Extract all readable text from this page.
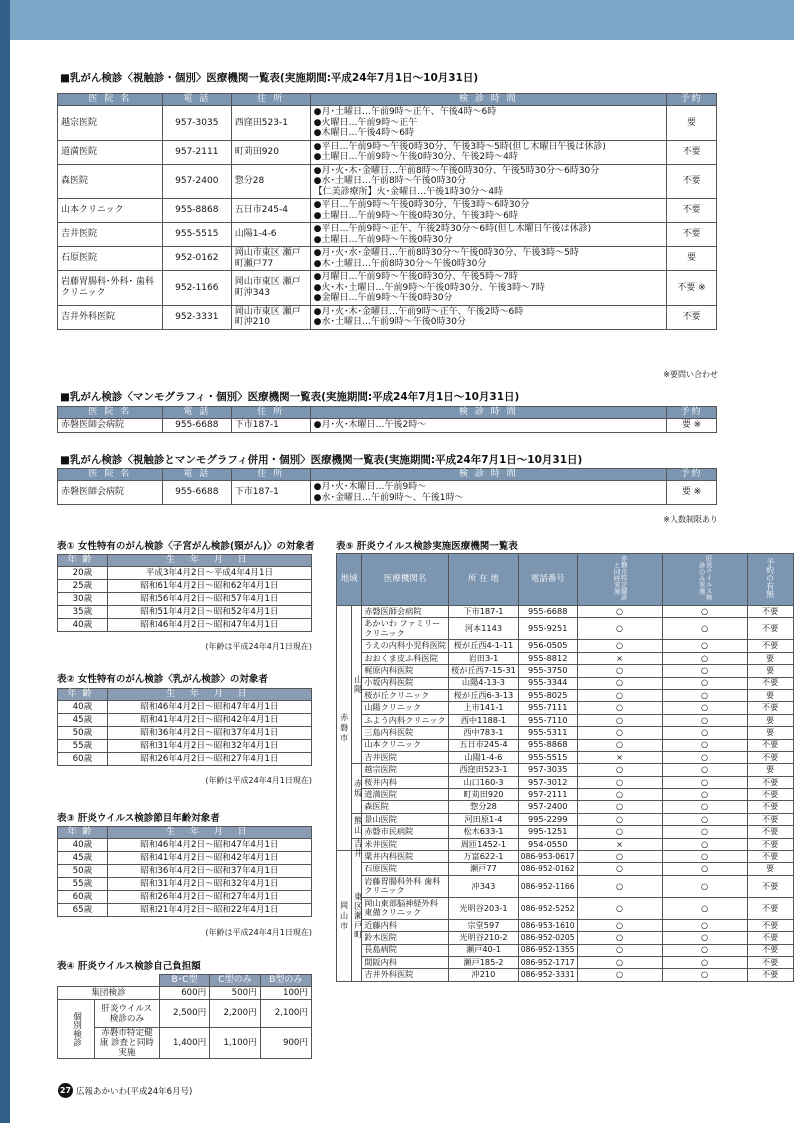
■乳がん検診〈視触診・個別〉医療機関一覧表(実施期間:平成24年7月1日〜10月31日)
医 院 名	電 話	住 所	検 診 時 間	予約
越宗医院	957-3035	西窪田523-1	●月･土曜日…午前9時〜正午、午後4時〜6時
●火曜日…午前9時〜正午
●木曜日…午後4時〜6時	要
道満医院	957-2111	町苅田920	●平日…午前9時〜午後0時30分、午後3時〜5時(但し木曜日午後は休診)
●土曜日…午前9時〜午後0時30分、午後2時〜4時	不要
森医院	957-2400	惣分28	●月･火･木･金曜日…午前8時〜午後0時30分、午後5時30分〜6時30分
●水･土曜日…午前8時〜午後0時30分
【仁美診療所】火･金曜日…午後1時30分〜4時	不要
山本クリニック	955-8868	五日市245-4	●平日…午前9時〜午後0時30分、午後3時〜6時30分
●土曜日…午前9時〜午後0時30分、午後3時〜6時	不要
吉井医院	955-5515	山陽1-4-6	●平日…午前9時〜正午、午後2時30分〜6時(但し木曜日午後は休診)
●土曜日…午前9時〜午後0時30分	不要
石原医院	952-0162	岡山市東区 瀬戸町瀬戸77	●月･火･水･金曜日…午前8時30分〜午後0時30分、午後3時〜5時
●木･土曜日…午前8時30分〜午後0時30分	要
岩藤胃腸科･外科･ 歯科クリニック	952-1166	岡山市東区 瀬戸町沖343	●月曜日…午前9時〜午後0時30分、午後5時〜7時
●火･木･土曜日…午前9時〜午後0時30分、午後3時〜7時
●金曜日…午前9時〜午後0時30分	不要 ※
吉井外科医院	952-3331	岡山市東区 瀬戸町沖210	●月･火･木･金曜日…午前9時〜正午、午後2時〜6時
●水･土曜日…午前9時〜午後0時30分	不要
※要問い合わせ
■乳がん検診〈マンモグラフィ・個別〉医療機関一覧表(実施期間:平成24年7月1日〜10月31日)
医 院 名	電 話	住 所	検 診 時 間	予約
赤磐医師会病院	955-6688	下市187-1	●月･火･木曜日…午後2時〜	要 ※
■乳がん検診〈視触診とマンモグラフィ併用・個別〉医療機関一覧表(実施期間:平成24年7月1日〜10月31日)
医 院 名	電 話	住 所	検 診 時 間	予約
赤磐医師会病院	955-6688	下市187-1	●月･火･木曜日…午前9時〜
●水･金曜日…午前9時〜、午後1時〜	要 ※
※人数制限あり
表① 女性特有のがん検診〈子宮がん検診(頸がん)〉の対象者
年齢	生 年 月 日
20歳	平成3年4月2日〜平成4年4月1日
25歳	昭和61年4月2日〜昭和62年4月1日
30歳	昭和56年4月2日〜昭和57年4月1日
35歳	昭和51年4月2日〜昭和52年4月1日
40歳	昭和46年4月2日〜昭和47年4月1日
(年齢は平成24年4月1日現在)
表② 女性特有のがん検診〈乳がん検診〉の対象者
年齢	生 年 月 日
40歳	昭和46年4月2日〜昭和47年4月1日
45歳	昭和41年4月2日〜昭和42年4月1日
50歳	昭和36年4月2日〜昭和37年4月1日
55歳	昭和31年4月2日〜昭和32年4月1日
60歳	昭和26年4月2日〜昭和27年4月1日
(年齢は平成24年4月1日現在)
表③ 肝炎ウイルス検診節目年齢対象者
年齢	生 年 月 日
40歳	昭和46年4月2日〜昭和47年4月1日
45歳	昭和41年4月2日〜昭和42年4月1日
50歳	昭和36年4月2日〜昭和37年4月1日
55歳	昭和31年4月2日〜昭和32年4月1日
60歳	昭和26年4月2日〜昭和27年4月1日
65歳	昭和21年4月2日〜昭和22年4月1日
(年齢は平成24年4月1日現在)
表④ 肝炎ウイルス検診自己負担額
		B･C型	C型のみ	B型のみ
集団検診		600円	500円	100円
個別検診	肝炎ウイルス 検診のみ	2,500円	2,200円	2,100円
	赤磐市特定健康 診査と同時実施	1,400円	1,100円	900円
表⑤ 肝炎ウイルス検診実施医療機関一覧表
地域		医療機関名	所 在 地	電話番号	赤磐市特定健診と同時実施	肝炎ウイルス検診のみ実施	予約の有無
赤磐市	山陽	赤磐医師会病院	下市187-1	955-6688	○	○	不要
		あかいわ ファミリークリニック	河本1143	955-9251	○	○	不要
		うえの内科小児科医院	桜が丘西4-1-11	956-0505	○	○	不要
		おおくま皮ふ科医院	岩田3-1	955-8812	×	○	要
		梶原内科医院	桜が丘西7-15-31	955-3750	○	○	要
		小坂内科医院	山陽4-13-3	955-3344	○	○	不要
		桜が丘クリニック	桜が丘西6-3-13	955-8025	○	○	要
		山陽クリニック	上市141-1	955-7111	○	○	不要
		ふよう内科クリニック	西中1188-1	955-7110	○	○	要
		三島内科医院	西中783-1	955-5311	○	○	要
		山本クリニック	五日市245-4	955-8868	○	○	不要
		吉井医院	山陽1-4-6	955-5515	×	○	不要
	赤坂	越宗医院	西窪田523-1	957-3035	○	○	要
		桜井内科	山口160-3	957-3012	○	○	不要
		道満医院	町苅田920	957-2111	○	○	不要
		森医院	惣分28	957-2400	○	○	不要
	熊山	景山医院	河田原1-4	995-2299	○	○	不要
		赤磐市民病院	松木633-1	995-1251	○	○	不要
	吉井	米井医院	周匝1452-1	954-0550	×	○	不要
岡山市	東区瀬戸町	粟井内科医院	万富622-1	086-953-0617	○	○	不要
		石原医院	瀬戸77	086-952-0162	○	○	要
		岩藤胃腸科外科 歯科クリニック	沖343	086-952-1166	○	○	不要
		岡山東部脳神経外科 東備クリニック	光明谷203-1	086-952-5252	○	○	不要
		近藤内科	宗堂597	086-953-1610	○	○	不要
		鈴木医院	光明谷210-2	086-952-0205	○	○	不要
		長島病院	瀬戸40-1	086-952-1355	○	○	不要
		間阪内科	瀬戸185-2	086-952-1717	○	○	不要
		吉井外科医院	沖210	086-952-3331	○	○	不要
27 広報あかいわ(平成24年6月号)
